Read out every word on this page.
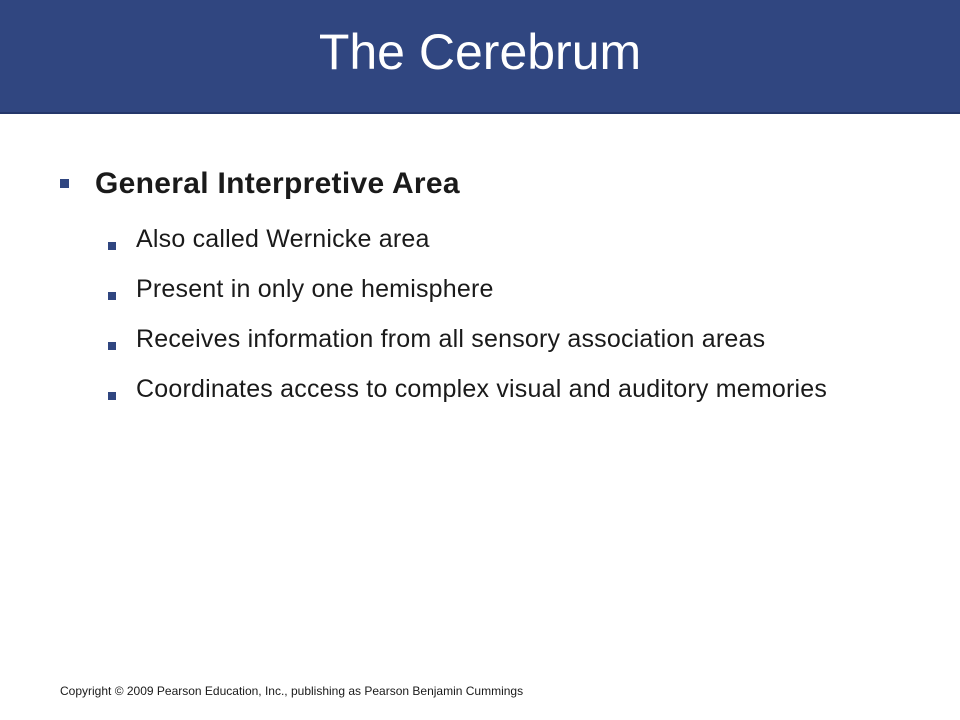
The Cerebrum
General Interpretive Area
Also called Wernicke area
Present in only one hemisphere
Receives information from all sensory association areas
Coordinates access to complex visual and auditory memories
Copyright © 2009 Pearson Education, Inc., publishing as Pearson Benjamin Cummings
